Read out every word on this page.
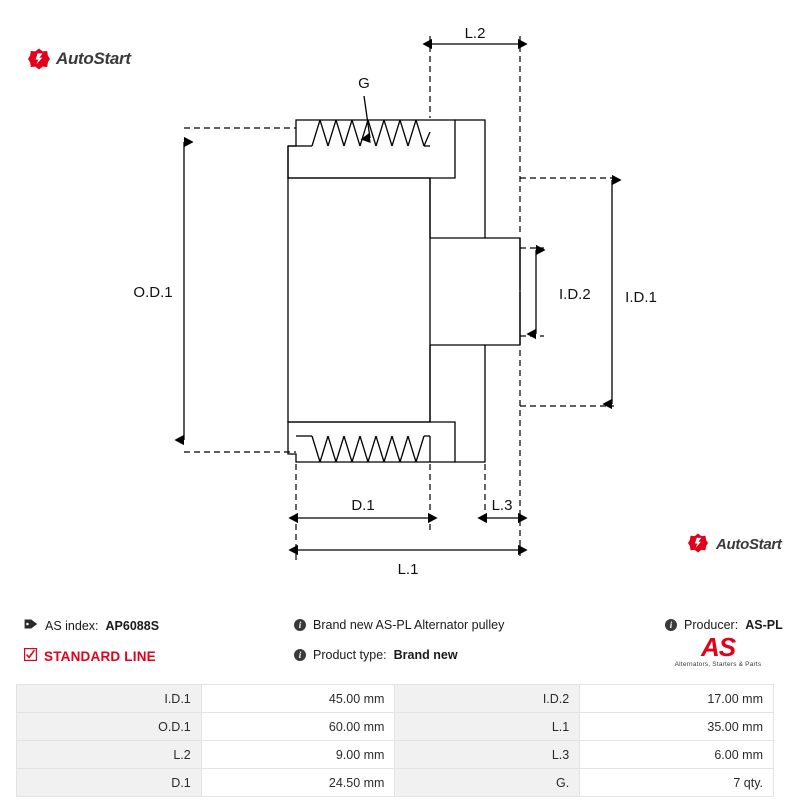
AutoStart
AutoStart
L.2
G
O.D.1	I.D.1
I.D.2
D.1	L.3
L.1
AS index: AP6088S
STANDARD LINE
i Brand new AS-PL Alternator pulley
i Product type: Brand new
i Producer: AS-PL
AS
Alternators, Starters & Parts
I.D.1	45.00 mm	I.D.2	17.00 mm
O.D.1	60.00 mm	L.1	35.00 mm
L.2	9.00 mm	L.3	6.00 mm
D.1	24.50 mm	G.	7 qty.
